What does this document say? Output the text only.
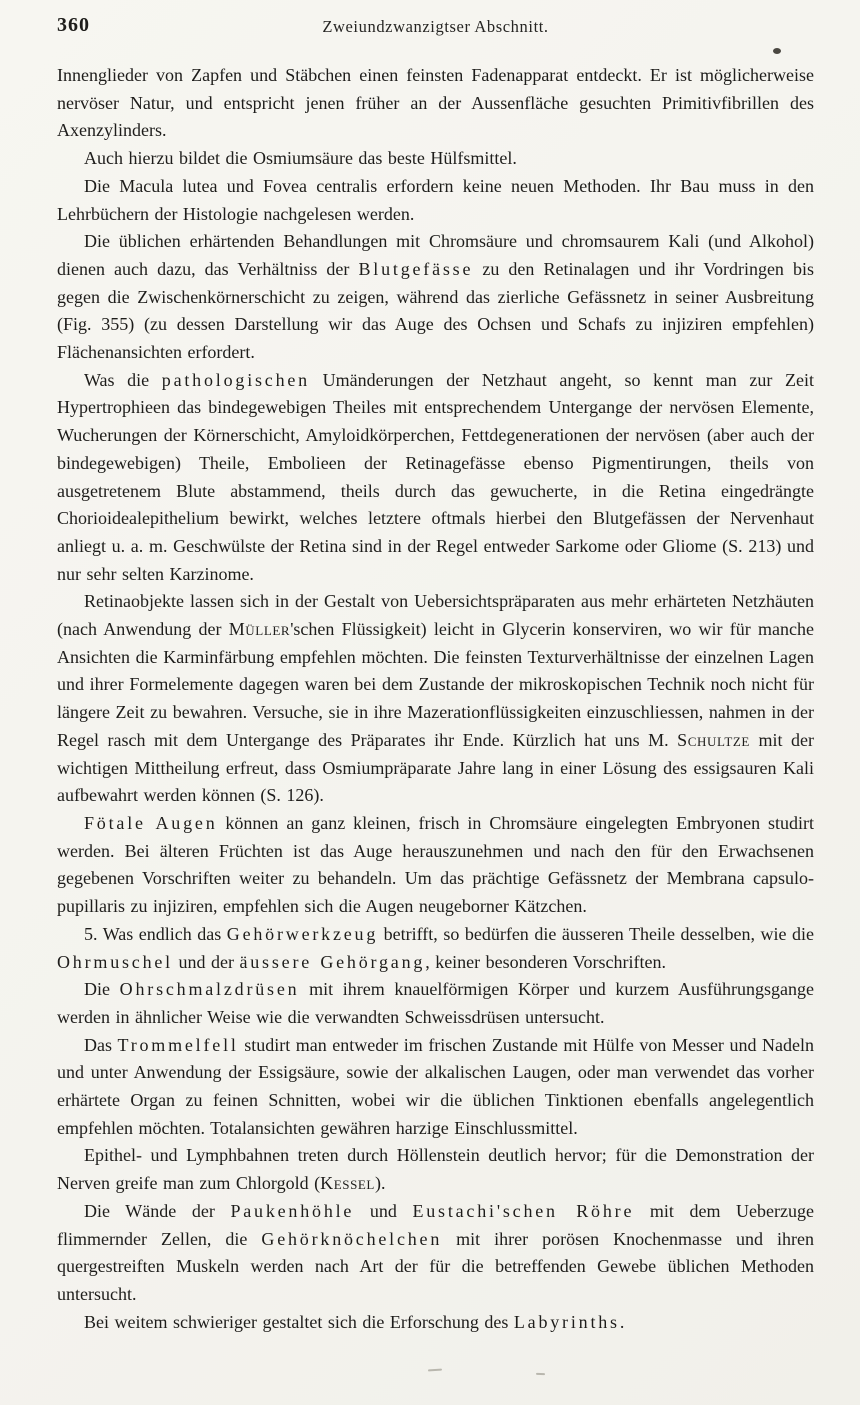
360	Zweiundzwanzigtser Abschnitt.

Innenglieder von Zapfen und Stäbchen einen feinsten Fadenapparat entdeckt. Er ist möglicherweise nervöser Natur, und entspricht jenen früher an der Aussenfläche gesuchten Primitivfibrillen des Axenzylinders.

Auch hierzu bildet die Osmiumsäure das beste Hülfsmittel.

Die Macula lutea und Fovea centralis erfordern keine neuen Methoden. Ihr Bau muss in den Lehrbüchern der Histologie nachgelesen werden.

Die üblichen erhärtenden Behandlungen mit Chromsäure und chromsaurem Kali (und Alkohol) dienen auch dazu, das Verhältniss der Blutgefässe zu den Retinalagen und ihr Vordringen bis gegen die Zwischenkörnerschicht zu zeigen, während das zierliche Gefässnetz in seiner Ausbreitung (Fig. 355) (zu dessen Darstellung wir das Auge des Ochsen und Schafs zu injiziren empfehlen) Flächenansichten erfordert.

Was die pathologischen Umänderungen der Netzhaut angeht, so kennt man zur Zeit Hypertrophieen das bindegewebigen Theiles mit entsprechendem Untergange der nervösen Elemente, Wucherungen der Körnerschicht, Amyloidkörperchen, Fettdegenerationen der nervösen (aber auch der bindegewebigen) Theile, Embolieen der Retinagefässe ebenso Pigmentirungen, theils von ausgetretenem Blute abstammend, theils durch das gewucherte, in die Retina eingedrängte Chorioidealepithelium bewirkt, welches letztere oftmals hierbei den Blutgefässen der Nervenhaut anliegt u. a. m. Geschwülste der Retina sind in der Regel entweder Sarkome oder Gliome (S. 213) und nur sehr selten Karzinome.

Retinaobjekte lassen sich in der Gestalt von Uebersichtspräparaten aus mehr erhärteten Netzhäuten (nach Anwendung der Müller'schen Flüssigkeit) leicht in Glycerin konserviren, wo wir für manche Ansichten die Karminfärbung empfehlen möchten. Die feinsten Texturverhältnisse der einzelnen Lagen und ihrer Formelemente dagegen waren bei dem Zustande der mikroskopischen Technik noch nicht für längere Zeit zu bewahren. Versuche, sie in ihre Mazerationflüssigkeiten einzuschliessen, nahmen in der Regel rasch mit dem Untergange des Präparates ihr Ende. Kürzlich hat uns M. Schultze mit der wichtigen Mittheilung erfreut, dass Osmiumpräparate Jahre lang in einer Lösung des essigsauren Kali aufbewahrt werden können (S. 126).

Fötale Augen können an ganz kleinen, frisch in Chromsäure eingelegten Embryonen studirt werden. Bei älteren Früchten ist das Auge herauszunehmen und nach den für den Erwachsenen gegebenen Vorschriften weiter zu behandeln. Um das prächtige Gefässnetz der Membrana capsulo-pupillaris zu injiziren, empfehlen sich die Augen neugeborner Kätzchen.

5. Was endlich das Gehörwerkzeug betrifft, so bedürfen die äusseren Theile desselben, wie die Ohrmuschel und der äussere Gehörgang, keiner besonderen Vorschriften.

Die Ohrschmalzdrüsen mit ihrem knauelförmigen Körper und kurzem Ausführungsgange werden in ähnlicher Weise wie die verwandten Schweissdrüsen untersucht.

Das Trommelfell studirt man entweder im frischen Zustande mit Hülfe von Messer und Nadeln und unter Anwendung der Essigsäure, sowie der alkalischen Laugen, oder man verwendet das vorher erhärtete Organ zu feinen Schnitten, wobei wir die üblichen Tinktionen ebenfalls angelegentlich empfehlen möchten. Totalansichten gewähren harzige Einschlussmittel.

Epithel- und Lymphbahnen treten durch Höllenstein deutlich hervor; für die Demonstration der Nerven greife man zum Chlorgold (Kessel).

Die Wände der Paukenhöhle und Eustachi'schen Röhre mit dem Ueberzuge flimmernder Zellen, die Gehörknöchelchen mit ihrer porösen Knochenmasse und ihren quergestreiften Muskeln werden nach Art der für die betreffenden Gewebe üblichen Methoden untersucht.

Bei weitem schwieriger gestaltet sich die Erforschung des Labyrinths.
